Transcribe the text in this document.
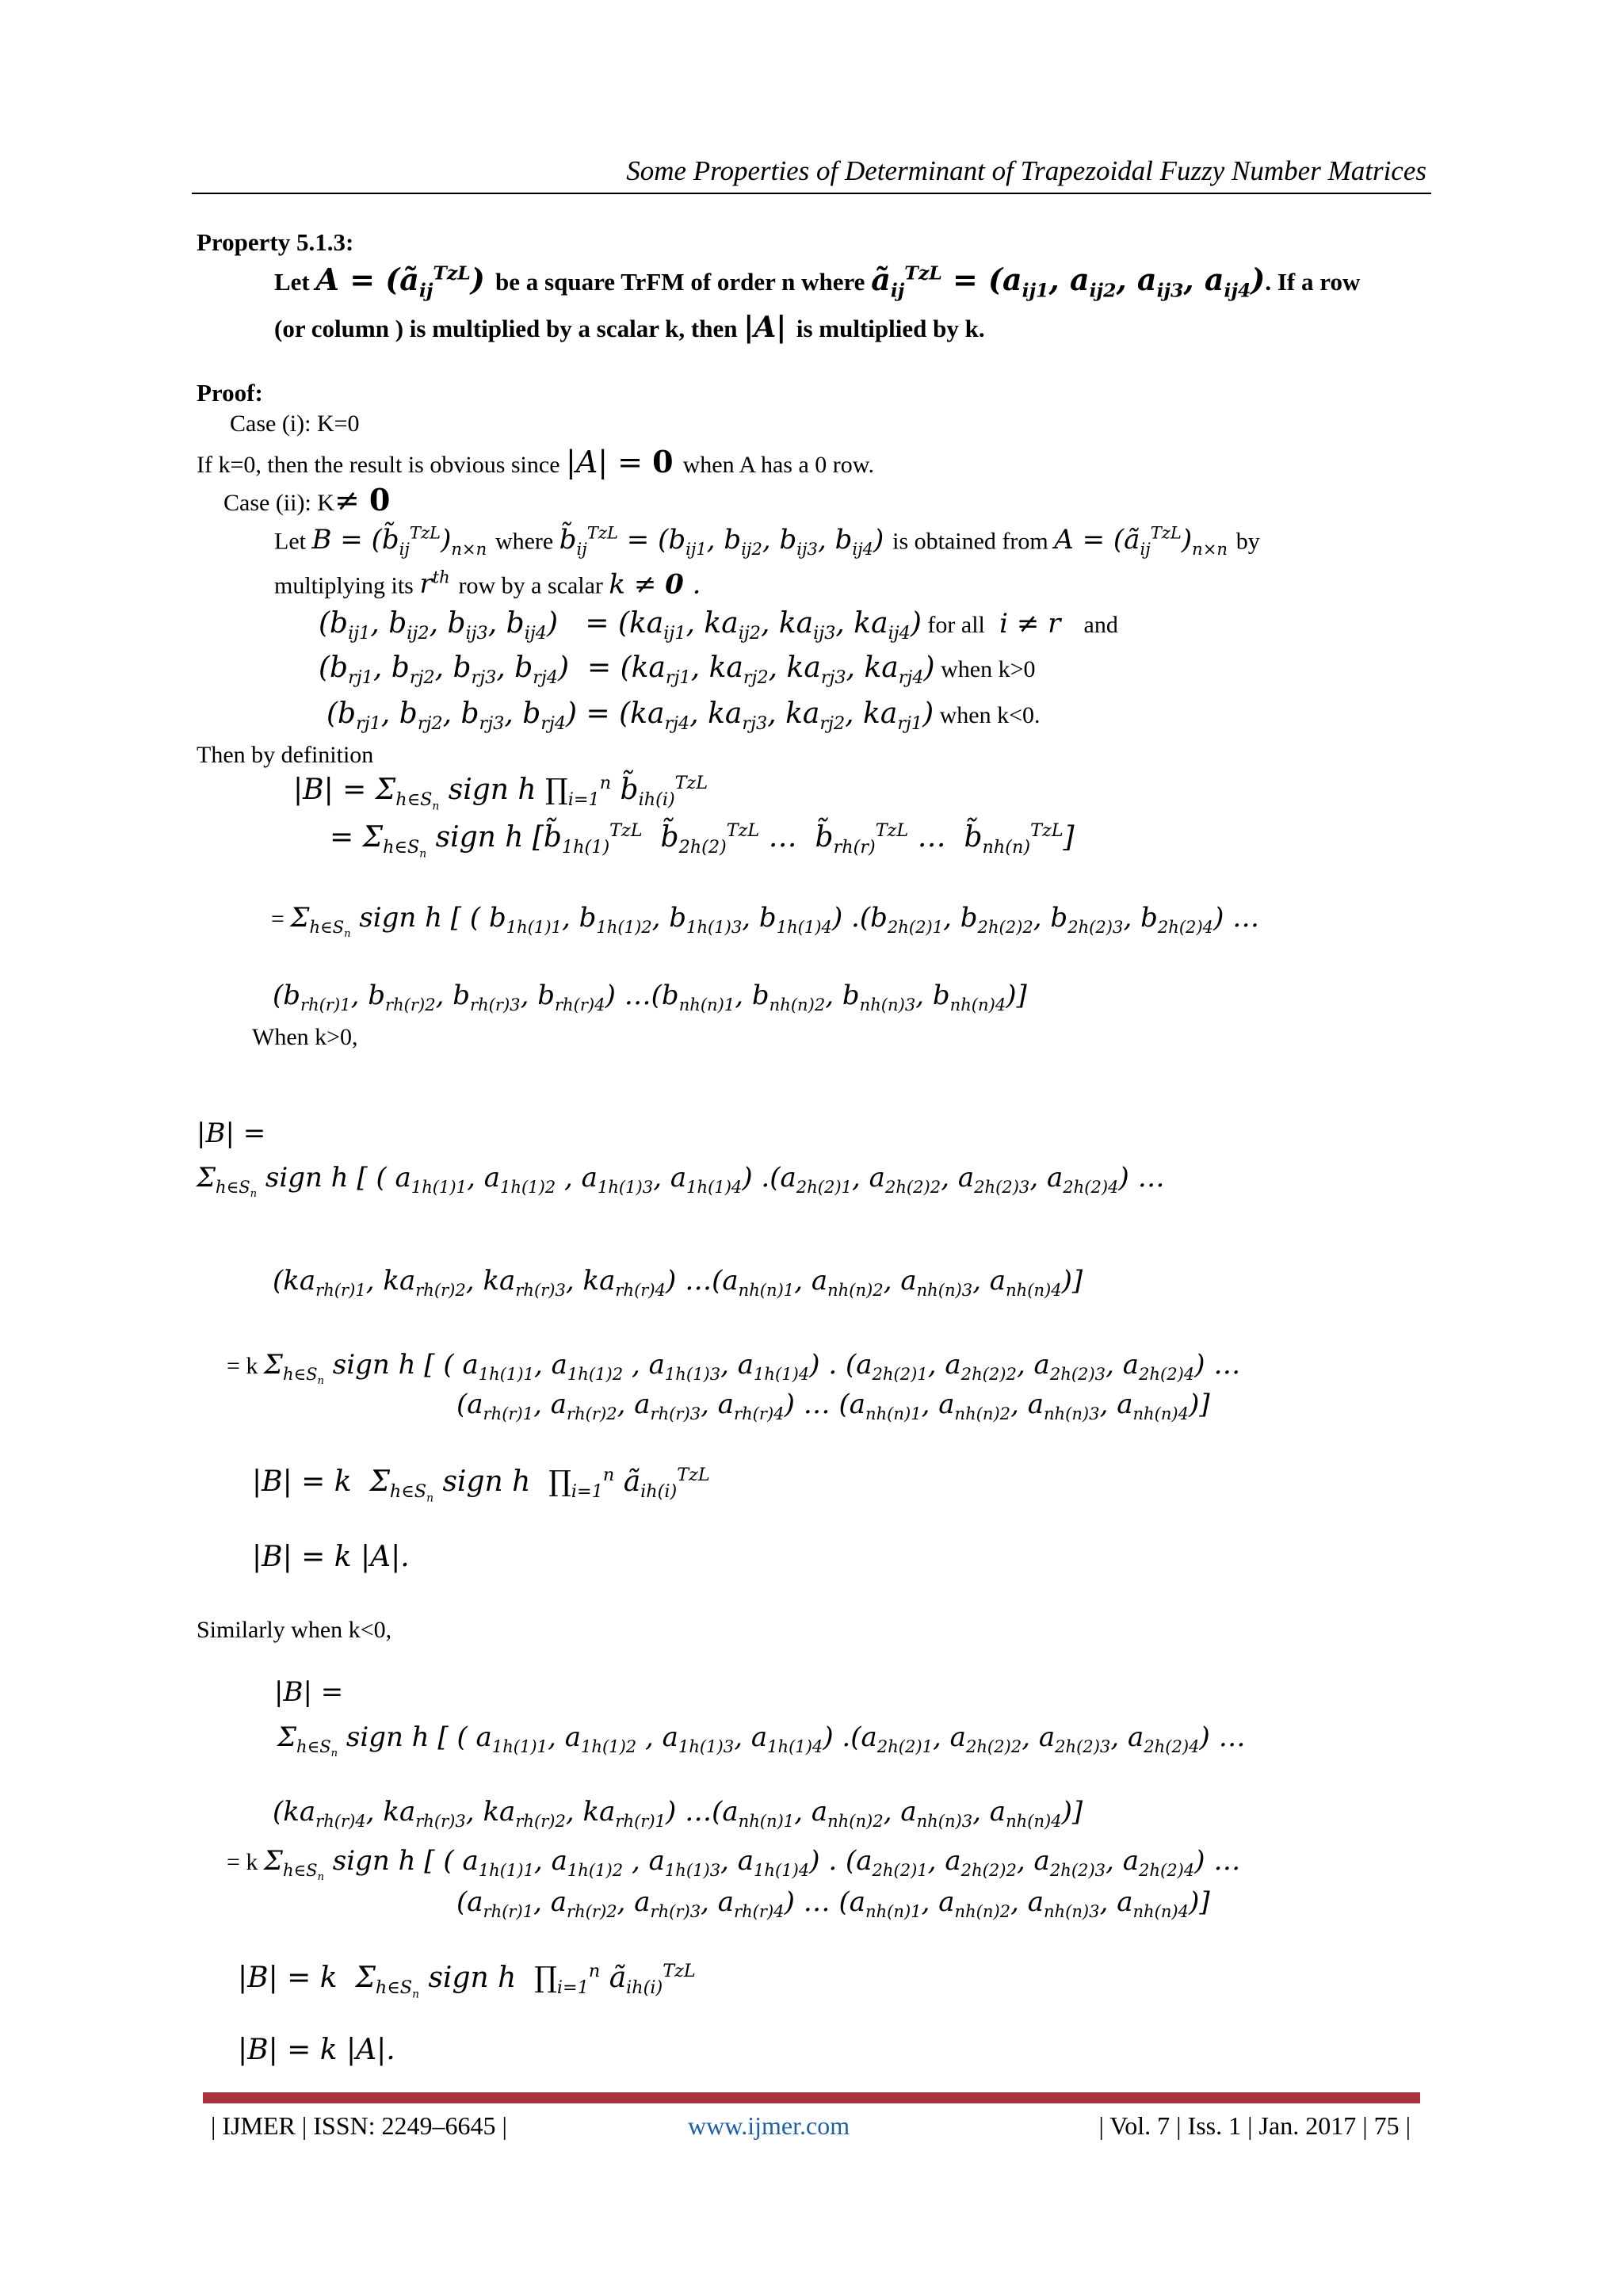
Some Properties of Determinant of Trapezoidal Fuzzy Number Matrices
Property 5.1.3:
Let $A = (ã_{ij}^{TzL})$ be a square TrFM of order n where $ã_{ij}^{TzL} = (a_{ij1}$, $a_{ij2}$, $a_{ij3}$, $a_{ij4}$). If a row
(or column ) is multiplied by a scalar k, then |A| is multiplied by k.
Proof:
Case (i): K=0
If k=0, then the result is obvious since |A| = 0 when A has a 0 row.
Case (ii): K≠ 0
Let $B = (b̃_{ij}^{TzL})_{n\times n}$ where $b̃_{ij}^{TzL} = (b_{ij1}$, $b_{ij2}$, $b_{ij3}$, $b_{ij4}$) is obtained from $A = (ã_{ij}^{TzL})_{n\times n}$ by
multiplying its $r^{th}$ row by a scalar k ≠ 0 .
($b_{ij1}$, $b_{ij2}$, $b_{ij3}$, $b_{ij4}) = (ka_{ij1}$, $ka_{ij2}$, $ka_{ij3}$, $ka_{ij4}$) for all  i ≠ r   and
($b_{rj1}$, $b_{rj2}$, $b_{rj3}$, $b_{rj4}) = (ka_{rj1}$, $ka_{rj2}$, $ka_{rj3}$, $ka_{rj4}$) when k>0
($b_{rj1}$, $b_{rj2}$, $b_{rj3}$, $b_{rj4}) = (ka_{rj4}$, $ka_{rj3}$, $ka_{rj2}$, $ka_{rj1}$) when k<0.
Then by definition
$|B| = \Sigma_{h\in S_n}$ sign h $\prod_{i=1}^n$ $b̃_{ih(i)}^{TzL}$
= $\Sigma_{h\in S_n}$ sign h [$b̃_{1h(1)}^{TzL}$  $b̃_{2h(2)}^{TzL}$ …  $b̃_{rh(r)}^{TzL}$ …  $b̃_{nh(n)}^{TzL}$]
= $\Sigma_{h\in S_n}$ sign h [ ( $b_{1h(1)1}$, $b_{1h(1)2}$, $b_{1h(1)3}$, $b_{1h(1)4}$) $.(b_{2h(2)1}$, $b_{2h(2)2}$, $b_{2h(2)3}$, $b_{2h(2)4}$) …
($b_{rh(r)1}$, $b_{rh(r)2}$, $b_{rh(r)3}$, $b_{rh(r)4}$) $\dots(b_{nh(n)1}$, $b_{nh(n)2}$, $b_{nh(n)3}$, $b_{nh(n)4}$)]
When k>0,
|B| =
$\Sigma_{h\in S_n}$ sign h [ ( $a_{1h(1)1}$, $a_{1h(1)2}$ , $a_{1h(1)3}$, $a_{1h(1)4}$) $.(a_{2h(2)1}$, $a_{2h(2)2}$, $a_{2h(2)3}$, $a_{2h(2)4}$) …
($ka_{rh(r)1}$, $ka_{rh(r)2}$, $ka_{rh(r)3}$, $ka_{rh(r)4}$) $\dots(a_{nh(n)1}$, $a_{nh(n)2}$, $a_{nh(n)3}$, $a_{nh(n)4}$)]
= k $\Sigma_{h\in S_n}$ sign h [ ( $a_{1h(1)1}$, $a_{1h(1)2}$ , $a_{1h(1)3}$, $a_{1h(1)4}$) . ($a_{2h(2)1}$, $a_{2h(2)2}$, $a_{2h(2)3}$, $a_{2h(2)4}$) …
($a_{rh(r)1}$, $a_{rh(r)2}$, $a_{rh(r)3}$, $a_{rh(r)4}$) … ($a_{nh(n)1}$, $a_{nh(n)2}$, $a_{nh(n)3}$, $a_{nh(n)4}$)]
|B| = k  $\Sigma_{h\in S_n}$ sign h  $\prod_{i=1}^n$ $ã_{ih(i)}^{TzL}$
|B| = k |A|.
Similarly when k<0,
|B| =
$\Sigma_{h\in S_n}$ sign h [ ( $a_{1h(1)1}$, $a_{1h(1)2}$ , $a_{1h(1)3}$, $a_{1h(1)4}$) $.(a_{2h(2)1}$, $a_{2h(2)2}$, $a_{2h(2)3}$, $a_{2h(2)4}$) …
($ka_{rh(r)4}$, $ka_{rh(r)3}$, $ka_{rh(r)2}$, $ka_{rh(r)1}$) $\dots(a_{nh(n)1}$, $a_{nh(n)2}$, $a_{nh(n)3}$, $a_{nh(n)4}$)]
= k $\Sigma_{h\in S_n}$ sign h [ ( $a_{1h(1)1}$, $a_{1h(1)2}$ , $a_{1h(1)3}$, $a_{1h(1)4}$) . ($a_{2h(2)1}$, $a_{2h(2)2}$, $a_{2h(2)3}$, $a_{2h(2)4}$) …
($a_{rh(r)1}$, $a_{rh(r)2}$, $a_{rh(r)3}$, $a_{rh(r)4}$) … ($a_{nh(n)1}$, $a_{nh(n)2}$, $a_{nh(n)3}$, $a_{nh(n)4}$)]
|B| = k  $\Sigma_{h\in S_n}$ sign h  $\prod_{i=1}^n$ $ã_{ih(i)}^{TzL}$
|B| = k |A|.
| IJMER | ISSN: 2249–6645 |	www.ijmer.com	| Vol. 7 | Iss. 1 | Jan. 2017 | 75 |
